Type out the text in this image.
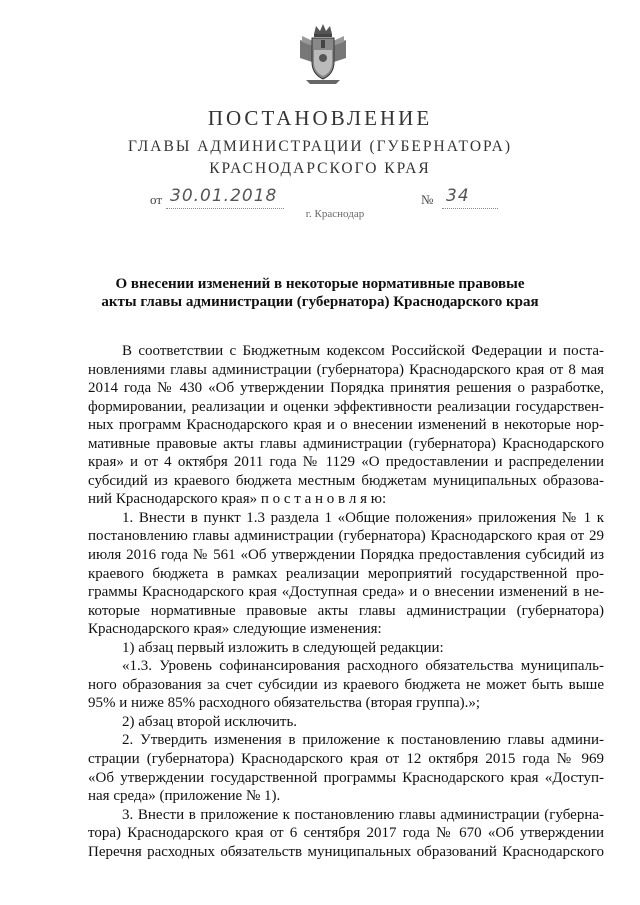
ПОСТАНОВЛЕНИЕ
ГЛАВЫ АДМИНИСТРАЦИИ (ГУБЕРНАТОРА)
КРАСНОДАРСКОГО КРАЯ
от 30.01.2018	№ 34
г. Краснодар
О внесении изменений в некоторые нормативные правовые
акты главы администрации (губернатора) Краснодарского края
В соответствии с Бюджетным кодексом Российской Федерации и поста-
новлениями главы администрации (губернатора) Краснодарского края от 8 мая
2014 года № 430 «Об утверждении Порядка принятия решения о разработке,
формировании, реализации и оценки эффективности реализации государствен-
ных программ Краснодарского края и о внесении изменений в некоторые нор-
мативные правовые акты главы администрации (губернатора) Краснодарского
края» и от 4 октября 2011 года № 1129 «О предоставлении и распределении
субсидий из краевого бюджета местным бюджетам муниципальных образова-
ний Краснодарского края» п о с т а н о в л я ю:
1. Внести в пункт 1.3 раздела 1 «Общие положения» приложения № 1 к
постановлению главы администрации (губернатора) Краснодарского края от 29
июля 2016 года № 561 «Об утверждении Порядка предоставления субсидий из
краевого бюджета в рамках реализации мероприятий государственной про-
граммы Краснодарского края «Доступная среда» и о внесении изменений в не-
которые нормативные правовые акты главы администрации (губернатора)
Краснодарского края» следующие изменения:
1) абзац первый изложить в следующей редакции:
«1.3. Уровень софинансирования расходного обязательства муниципаль-
ного образования за счет субсидии из краевого бюджета не может быть выше
95% и ниже 85% расходного обязательства (вторая группа).»;
2) абзац второй исключить.
2. Утвердить изменения в приложение к постановлению главы админи-
страции (губернатора) Краснодарского края от 12 октября 2015 года № 969
«Об утверждении государственной программы Краснодарского края «Доступ-
ная среда» (приложение № 1).
3. Внести в приложение к постановлению главы администрации (губерна-
тора) Краснодарского края от 6 сентября 2017 года № 670 «Об утверждении
Перечня расходных обязательств муниципальных образований Краснодарского
